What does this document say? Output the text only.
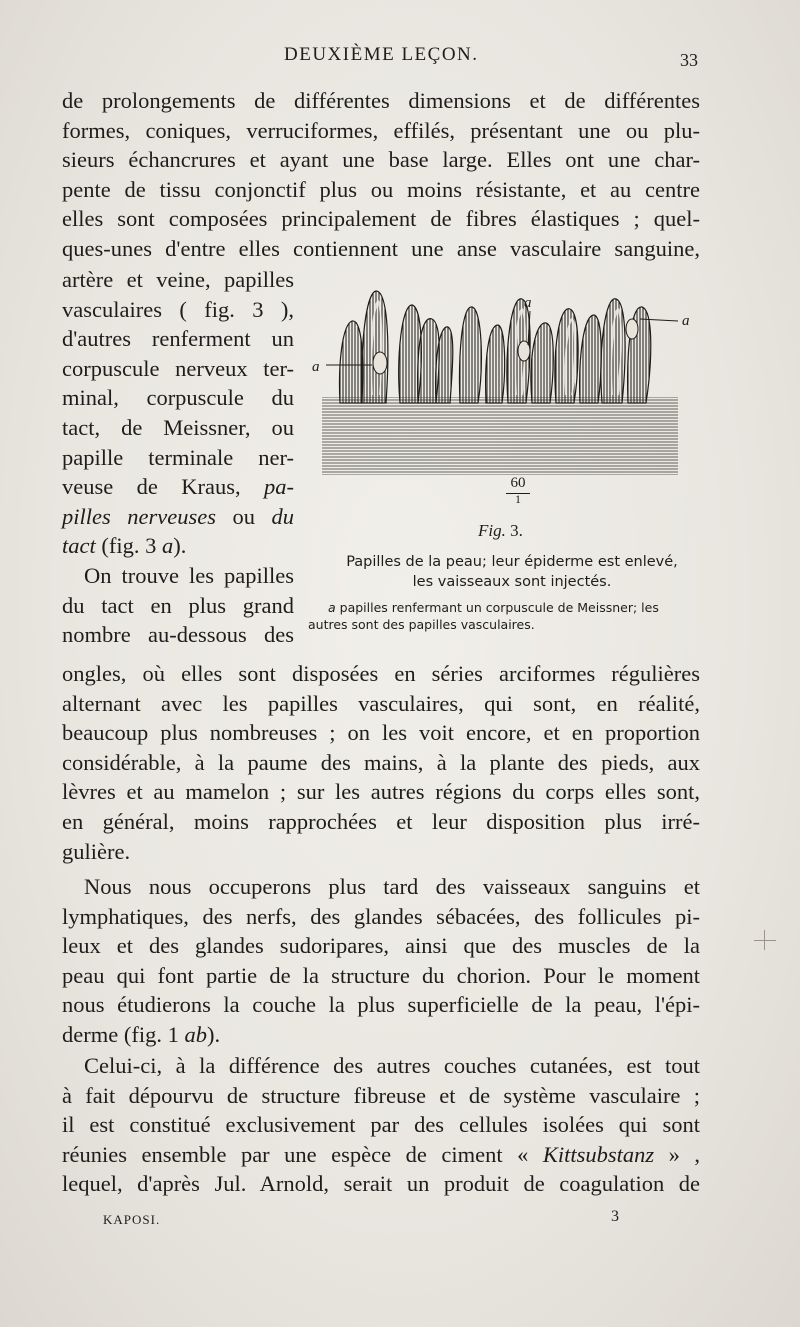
DEUXIÈME LEÇON.	33
de prolongements de différentes dimensions et de différentes
formes, coniques, verruciformes, effilés, présentant une ou plu-
sieurs échancrures et ayant une base large. Elles ont une char-
pente de tissu conjonctif plus ou moins résistante, et au centre
elles sont composées principalement de fibres élastiques ; quel-
ques-unes d'entre elles contiennent une anse vasculaire sanguine,
artère et veine, papilles
vasculaires ( fig. 3 ),
d'autres renferment un
corpuscule nerveux ter-
minal, corpuscule du
tact, de Meissner, ou
papille terminale ner-
veuse de Kraus, pa-
pilles nerveuses ou du
tact (fig. 3 a).
On trouve les papilles
du tact en plus grand
nombre au-dessous des
a
a
a
60
1
Fig. 3.
Papilles de la peau; leur épiderme est enlevé,
les vaisseaux sont injectés.
a papilles renfermant un corpuscule de Meissner; les
autres sont des papilles vasculaires.
ongles, où elles sont disposées en séries arciformes régulières
alternant avec les papilles vasculaires, qui sont, en réalité,
beaucoup plus nombreuses ; on les voit encore, et en proportion
considérable, à la paume des mains, à la plante des pieds, aux
lèvres et au mamelon ; sur les autres régions du corps elles sont,
en général, moins rapprochées et leur disposition plus irré-
gulière.
Nous nous occuperons plus tard des vaisseaux sanguins et
lymphatiques, des nerfs, des glandes sébacées, des follicules pi-
leux et des glandes sudoripares, ainsi que des muscles de la
peau qui font partie de la structure du chorion. Pour le moment
nous étudierons la couche la plus superficielle de la peau, l'épi-
derme (fig. 1 ab).
Celui-ci, à la différence des autres couches cutanées, est tout
à fait dépourvu de structure fibreuse et de système vasculaire ;
il est constitué exclusivement par des cellules isolées qui sont
réunies ensemble par une espèce de ciment « Kittsubstanz » ,
lequel, d'après Jul. Arnold, serait un produit de coagulation de
KAPOSI.	3
